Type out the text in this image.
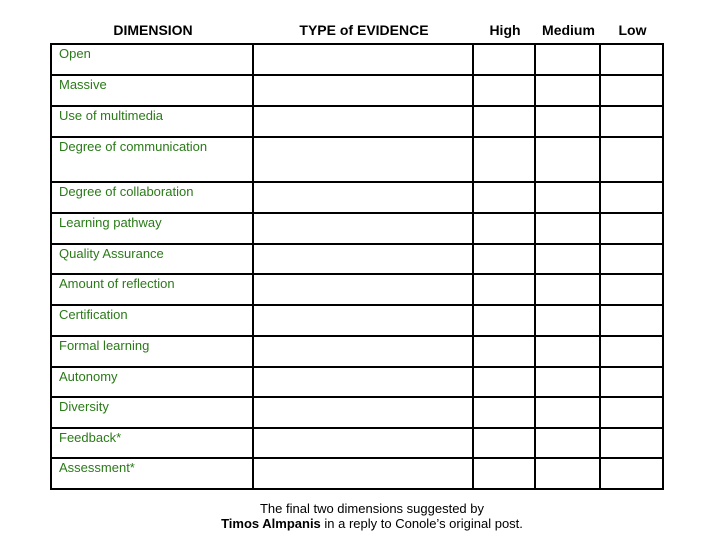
DIMENSION	TYPE of EVIDENCE	High	Medium	Low
Open				
Massive				
Use of multimedia				
Degree of communication				
Degree of collaboration				
Learning pathway				
Quality Assurance				
Amount of reflection				
Certification				
Formal learning				
Autonomy				
Diversity				
Feedback*				
Assessment*				
The final two dimensions suggested by
Timos Almpanis in a reply to Conole’s original post.
